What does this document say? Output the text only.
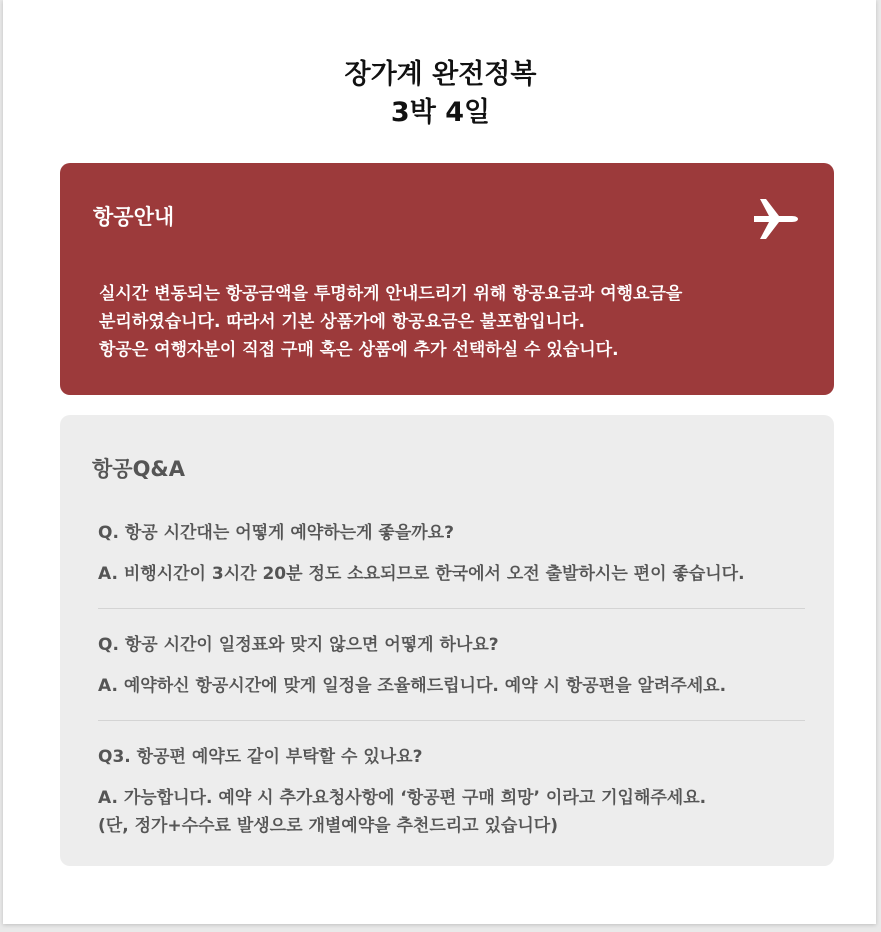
장가계 완전정복
3박 4일
항공안내
실시간 변동되는 항공금액을 투명하게 안내드리기 위해 항공요금과 여행요금을
분리하였습니다. 따라서 기본 상품가에 항공요금은 불포함입니다.
항공은 여행자분이 직접 구매 혹은 상품에 추가 선택하실 수 있습니다.
항공Q&A
Q. 항공 시간대는 어떻게 예약하는게 좋을까요?
A. 비행시간이 3시간 20분 정도 소요되므로 한국에서 오전 출발하시는 편이 좋습니다.
Q. 항공 시간이 일정표와 맞지 않으면 어떻게 하나요?
A. 예약하신 항공시간에 맞게 일정을 조율해드립니다. 예약 시 항공편을 알려주세요.
Q3. 항공편 예약도 같이 부탁할 수 있나요?
A. 가능합니다. 예약 시 추가요청사항에 ‘항공편 구매 희망’ 이라고 기입해주세요.
(단, 정가+수수료 발생으로 개별예약을 추천드리고 있습니다)
